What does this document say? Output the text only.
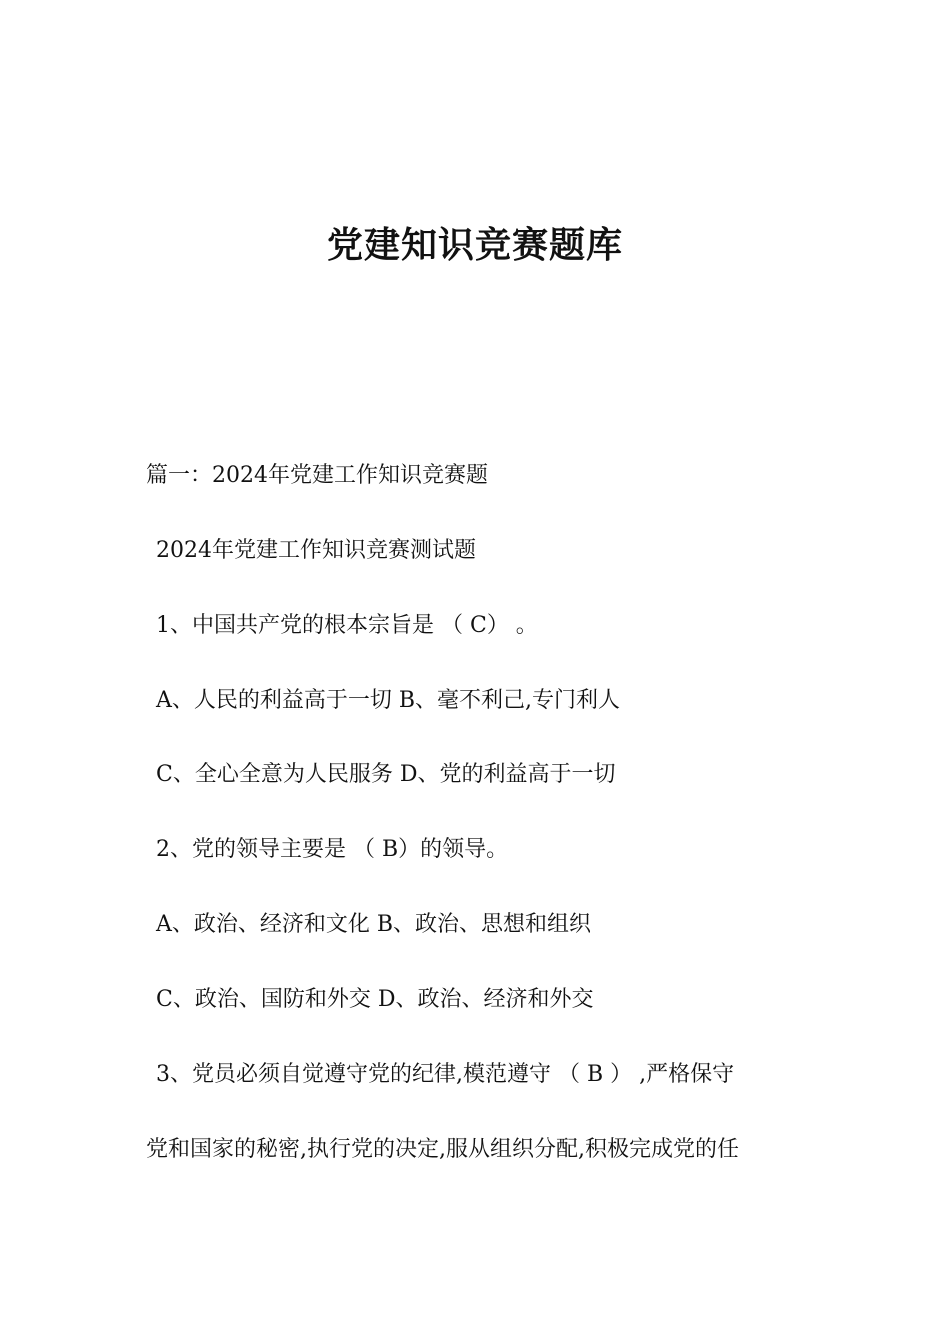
党建知识竞赛题库

篇一：2024年党建工作知识竞赛题

2024年党建工作知识竞赛测试题

1、中国共产党的根本宗旨是 （ C） 。

A、人民的利益高于一切 B、毫不利己,专门利人

C、全心全意为人民服务 D、党的利益高于一切

2、党的领导主要是 （ B）的领导。

A、政治、经济和文化 B、政治、思想和组织

C、政治、国防和外交 D、政治、经济和外交

3、党员必须自觉遵守党的纪律,模范遵守 （ B ） ,严格保守

党和国家的秘密,执行党的决定,服从组织分配,积极完成党的任
